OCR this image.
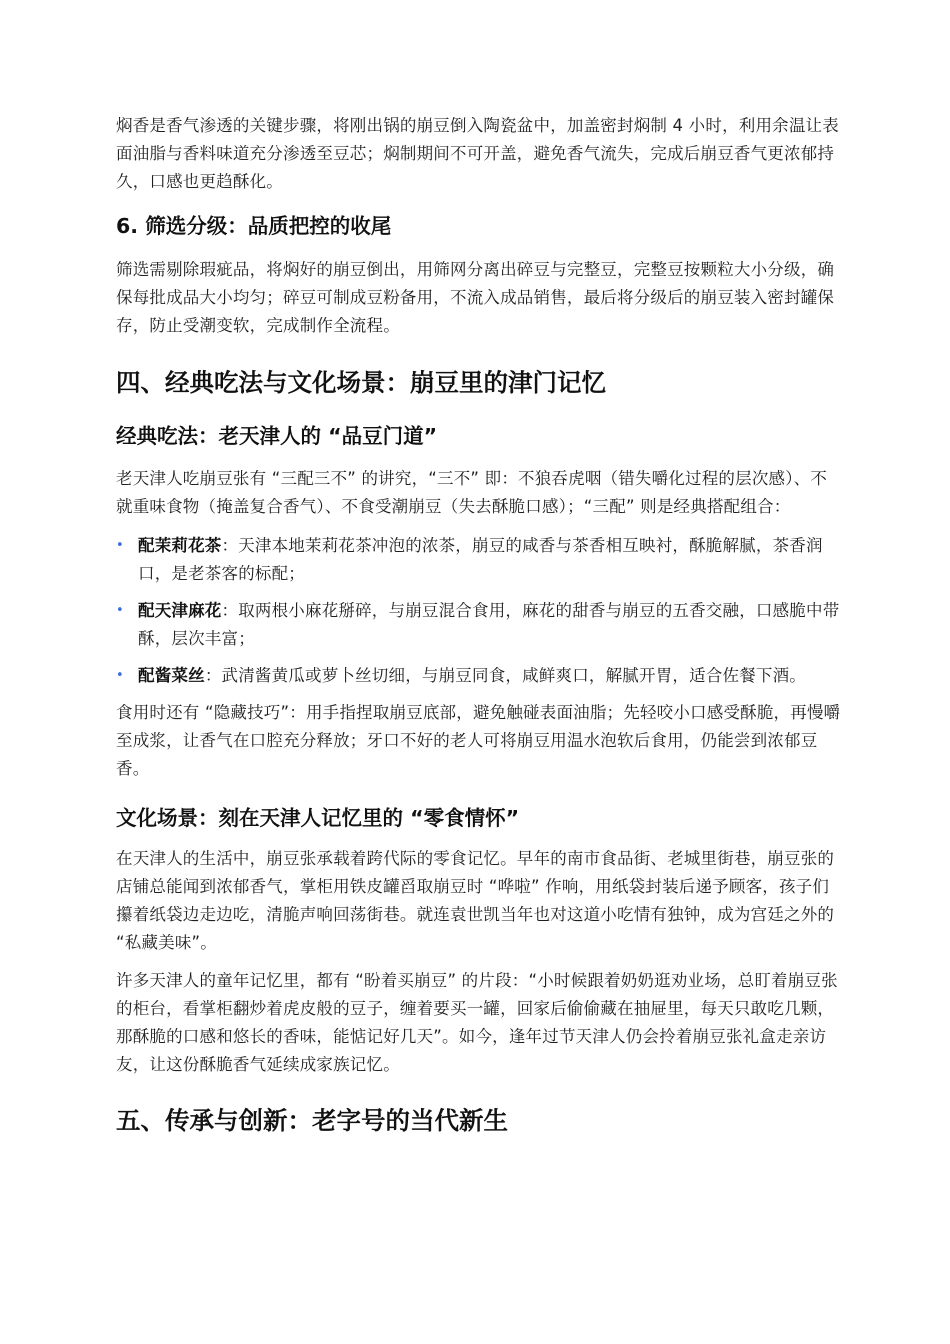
焖香是香气渗透的关键步骤，将刚出锅的崩豆倒入陶瓷盆中，加盖密封焖制 4 小时，利用余温让表面油脂与香料味道充分渗透至豆芯；焖制期间不可开盖，避免香气流失，完成后崩豆香气更浓郁持久，口感也更趋酥化。

6. 筛选分级：品质把控的收尾

筛选需剔除瑕疵品，将焖好的崩豆倒出，用筛网分离出碎豆与完整豆，完整豆按颗粒大小分级，确保每批成品大小均匀；碎豆可制成豆粉备用，不流入成品销售，最后将分级后的崩豆装入密封罐保存，防止受潮变软，完成制作全流程。

四、经典吃法与文化场景：崩豆里的津门记忆
经典吃法：老天津人的 “品豆门道”

老天津人吃崩豆张有 “三配三不” 的讲究，“三不” 即：不狼吞虎咽（错失嚼化过程的层次感）、不就重味食物（掩盖复合香气）、不食受潮崩豆（失去酥脆口感）；“三配” 则是经典搭配组合：

• 配茉莉花茶：天津本地茉莉花茶冲泡的浓茶，崩豆的咸香与茶香相互映衬，酥脆解腻，茶香润口，是老茶客的标配；
• 配天津麻花：取两根小麻花掰碎，与崩豆混合食用，麻花的甜香与崩豆的五香交融，口感脆中带酥，层次丰富；
• 配酱菜丝：武清酱黄瓜或萝卜丝切细，与崩豆同食，咸鲜爽口，解腻开胃，适合佐餐下酒。

食用时还有 “隐藏技巧”：用手指捏取崩豆底部，避免触碰表面油脂；先轻咬小口感受酥脆，再慢嚼至成浆，让香气在口腔充分释放；牙口不好的老人可将崩豆用温水泡软后食用，仍能尝到浓郁豆香。

文化场景：刻在天津人记忆里的 “零食情怀”

在天津人的生活中，崩豆张承载着跨代际的零食记忆。早年的南市食品街、老城里街巷，崩豆张的店铺总能闻到浓郁香气，掌柜用铁皮罐舀取崩豆时 “哗啦” 作响，用纸袋封装后递予顾客，孩子们攥着纸袋边走边吃，清脆声响回荡街巷。就连袁世凯当年也对这道小吃情有独钟，成为宫廷之外的 “私藏美味”。

许多天津人的童年记忆里，都有 “盼着买崩豆” 的片段：“小时候跟着奶奶逛劝业场，总盯着崩豆张的柜台，看掌柜翻炒着虎皮般的豆子，缠着要买一罐，回家后偷偷藏在抽屉里，每天只敢吃几颗，那酥脆的口感和悠长的香味，能惦记好几天”。如今，逢年过节天津人仍会拎着崩豆张礼盒走亲访友，让这份酥脆香气延续成家族记忆。

五、传承与创新：老字号的当代新生
